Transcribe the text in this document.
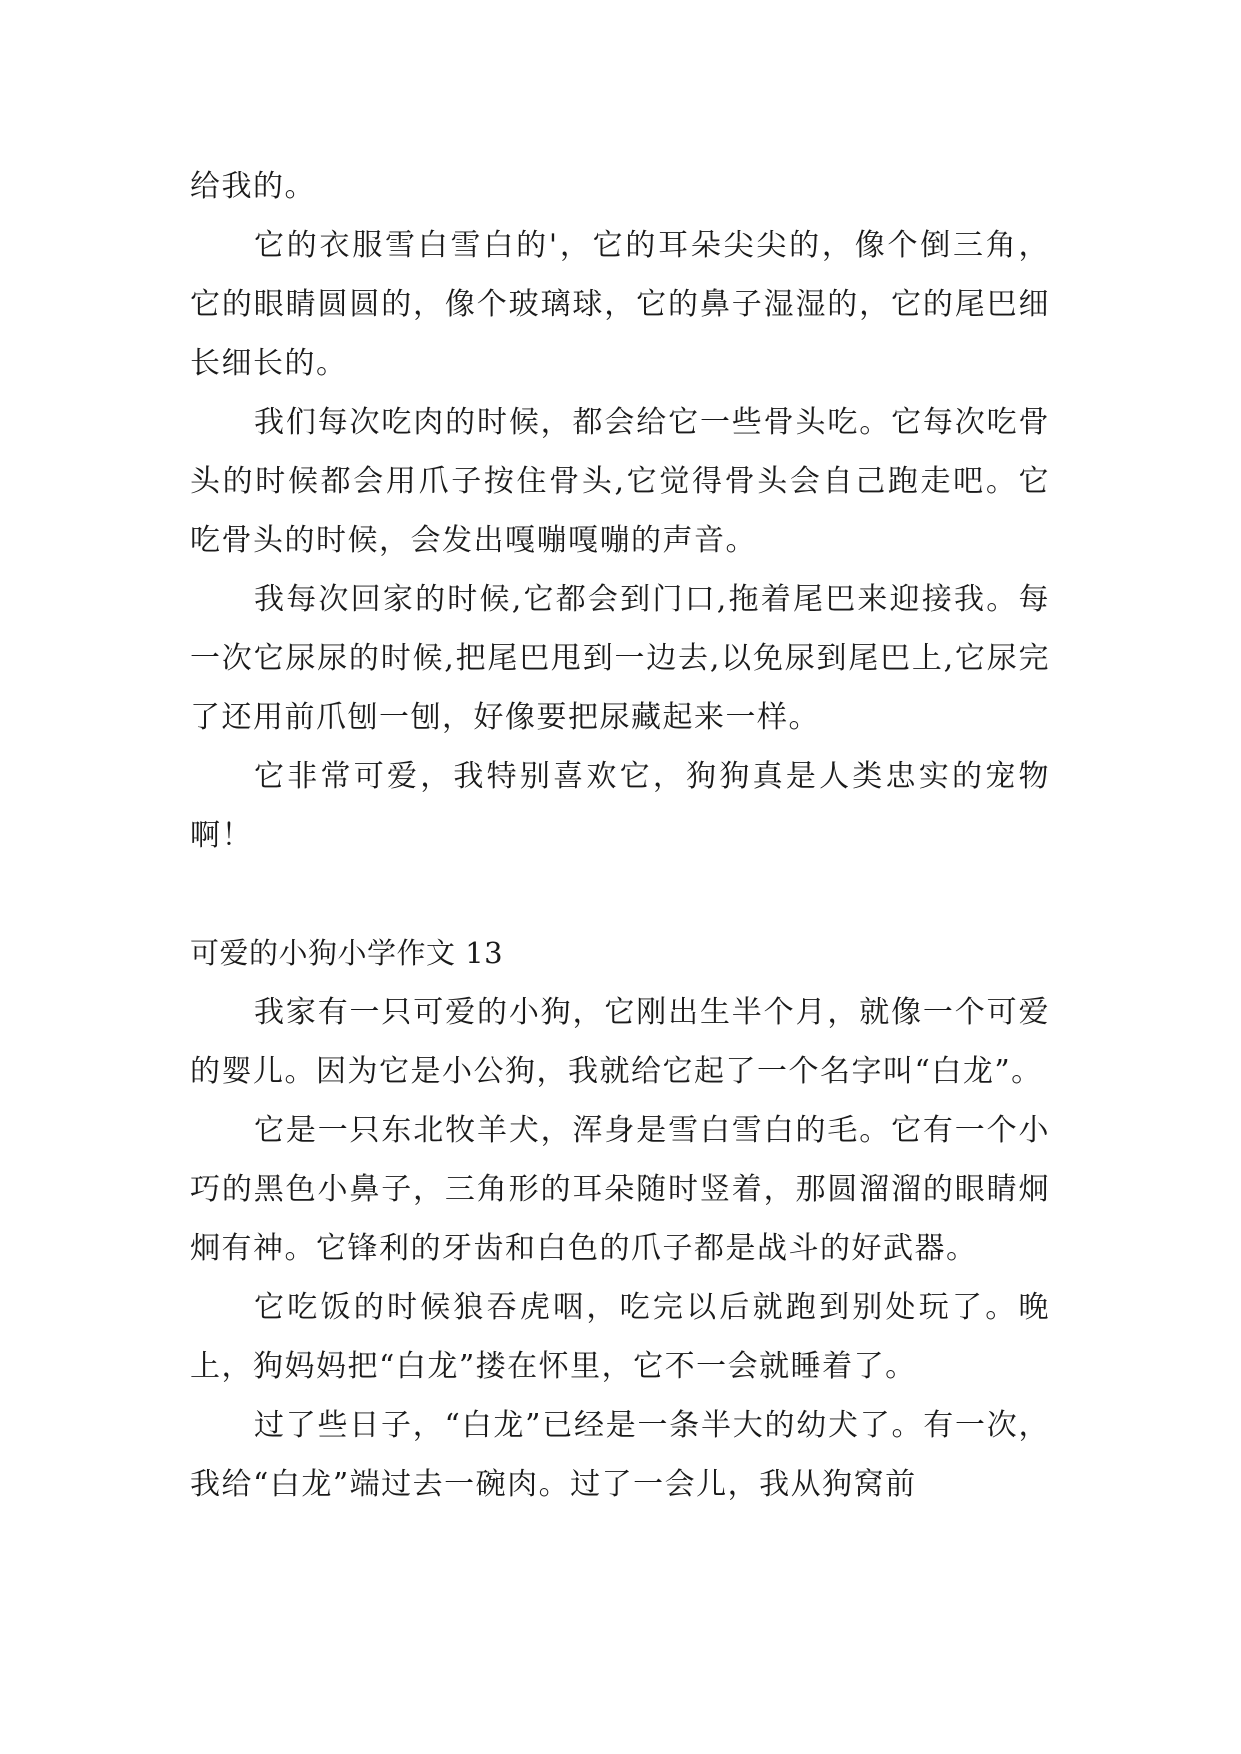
给我的。

它的衣服雪白雪白的'，它的耳朵尖尖的，像个倒三角，它的眼睛圆圆的，像个玻璃球，它的鼻子湿湿的，它的尾巴细长细长的。

我们每次吃肉的时候，都会给它一些骨头吃。它每次吃骨头的时候都会用爪子按住骨头,它觉得骨头会自己跑走吧。它吃骨头的时候，会发出嘎嘣嘎嘣的声音。

我每次回家的时候,它都会到门口,拖着尾巴来迎接我。每一次它尿尿的时候,把尾巴甩到一边去,以免尿到尾巴上,它尿完了还用前爪刨一刨，好像要把尿藏起来一样。

它非常可爱，我特别喜欢它，狗狗真是人类忠实的宠物啊！

可爱的小狗小学作文 13

我家有一只可爱的小狗，它刚出生半个月，就像一个可爱的婴儿。因为它是小公狗，我就给它起了一个名字叫“白龙”。

它是一只东北牧羊犬，浑身是雪白雪白的毛。它有一个小巧的黑色小鼻子，三角形的耳朵随时竖着，那圆溜溜的眼睛炯炯有神。它锋利的牙齿和白色的爪子都是战斗的好武器。

它吃饭的时候狼吞虎咽，吃完以后就跑到别处玩了。晚上，狗妈妈把“白龙”搂在怀里，它不一会就睡着了。

过了些日子，“白龙”已经是一条半大的幼犬了。有一次，我给“白龙”端过去一碗肉。过了一会儿，我从狗窝前
